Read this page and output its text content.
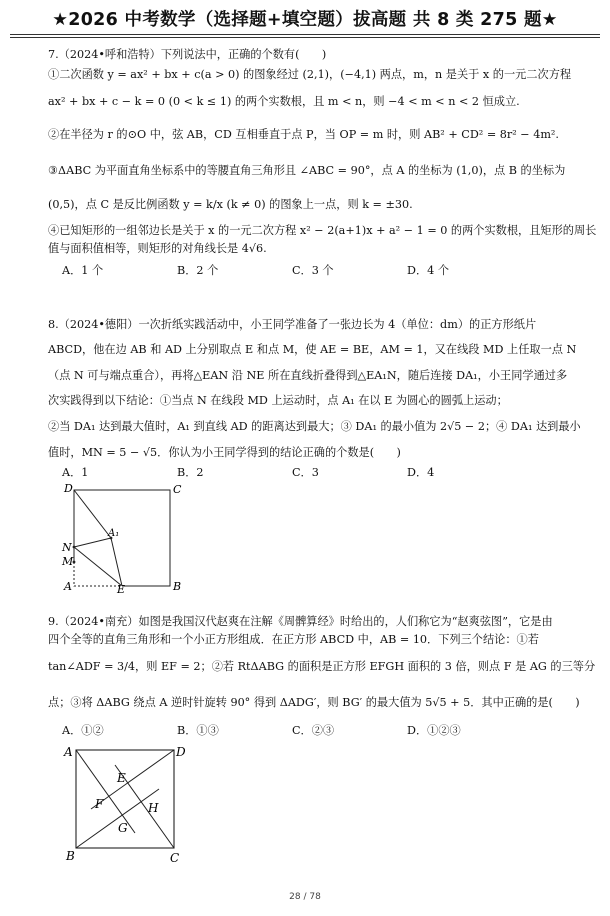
★2026 中考数学（选择题+填空题）拔高题 共 8 类 275 题★
7.（2024•呼和浩特）下列说法中，正确的个数有(　　)
①二次函数 y = ax² + bx + c(a > 0) 的图象经过 (2,1)，(−4,1) 两点，m，n 是关于 x 的一元二次方程
ax² + bx + c − k = 0 (0 < k ≤ 1) 的两个实数根，且 m < n，则 −4 < m < n < 2 恒成立.
②在半径为 r 的⊙O 中，弦 AB，CD 互相垂直于点 P，当 OP = m 时，则 AB² + CD² = 8r² − 4m².
③ΔABC 为平面直角坐标系中的等腰直角三角形且 ∠ABC = 90°，点 A 的坐标为 (1,0)，点 B 的坐标为
(0,5)，点 C 是反比例函数 y = k/x (k ≠ 0) 的图象上一点，则 k = ±30.
④已知矩形的一组邻边长是关于 x 的一元二次方程 x² − 2(a+1)x + a² − 1 = 0 的两个实数根，且矩形的周长
值与面积值相等，则矩形的对角线长是 4√6.
A．1 个	B．2 个	C．3 个	D．4 个
8.（2024•德阳）一次折纸实践活动中，小王同学准备了一张边长为 4（单位：dm）的正方形纸片
ABCD，他在边 AB 和 AD 上分别取点 E 和点 M，使 AE = BE，AM = 1，又在线段 MD 上任取一点 N
（点 N 可与端点重合），再将△EAN 沿 NE 所在直线折叠得到△EA₁N，随后连接 DA₁，小王同学通过多
次实践得到以下结论：①当点 N 在线段 MD 上运动时，点 A₁ 在以 E 为圆心的圆弧上运动；
②当 DA₁ 达到最大值时，A₁ 到直线 AD 的距离达到最大；③ DA₁ 的最小值为 2√5 − 2；④ DA₁ 达到最小
值时，MN = 5 − √5．你认为小王同学得到的结论正确的个数是(　　)
A．1	B．2	C．3	D．4
D	C
A₁
N
M
A	E	B
9.（2024•南充）如图是我国汉代赵爽在注解《周髀算经》时给出的，人们称它为“赵爽弦图”，它是由
四个全等的直角三角形和一个小正方形组成．在正方形 ABCD 中，AB = 10．下列三个结论：①若
tan∠ADF = 3/4，则 EF = 2；②若 RtΔABG 的面积是正方形 EFGH 面积的 3 倍，则点 F 是 AG 的三等分
点；③将 ΔABG 绕点 A 逆时针旋转 90° 得到 ΔADG′，则 BG′ 的最大值为 5√5 + 5．其中正确的是(　　)
A．①②	B．①③	C．②③	D．①②③
A	D
B	C
E
F
G
H
28 / 78
